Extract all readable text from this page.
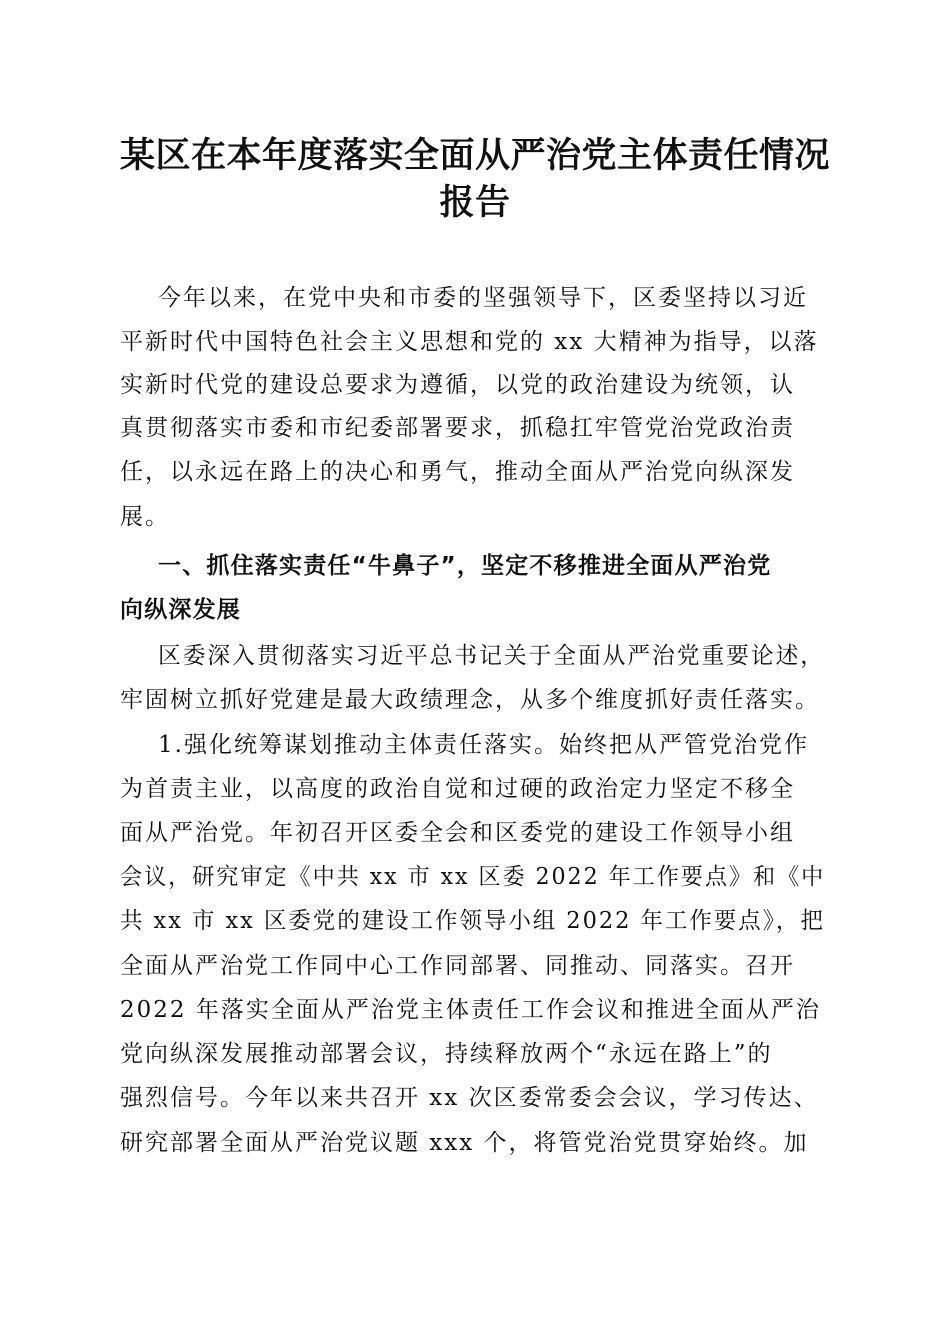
某区在本年度落实全面从严治党主体责任情况
报告
今年以来，在党中央和市委的坚强领导下，区委坚持以习近
平新时代中国特色社会主义思想和党的 xx 大精神为指导，以落
实新时代党的建设总要求为遵循，以党的政治建设为统领，认
真贯彻落实市委和市纪委部署要求，抓稳扛牢管党治党政治责
任，以永远在路上的决心和勇气，推动全面从严治党向纵深发
展。
一、抓住落实责任“牛鼻子”，坚定不移推进全面从严治党
向纵深发展
区委深入贯彻落实习近平总书记关于全面从严治党重要论述，
牢固树立抓好党建是最大政绩理念，从多个维度抓好责任落实。
1.强化统筹谋划推动主体责任落实。始终把从严管党治党作
为首责主业，以高度的政治自觉和过硬的政治定力坚定不移全
面从严治党。年初召开区委全会和区委党的建设工作领导小组
会议，研究审定《中共 xx 市 xx 区委 2022 年工作要点》和《中
共 xx 市 xx 区委党的建设工作领导小组 2022 年工作要点》，把
全面从严治党工作同中心工作同部署、同推动、同落实。召开
2022 年落实全面从严治党主体责任工作会议和推进全面从严治
党向纵深发展推动部署会议，持续释放两个“永远在路上”的
强烈信号。今年以来共召开 xx 次区委常委会会议，学习传达、
研究部署全面从严治党议题 xxx 个，将管党治党贯穿始终。加
